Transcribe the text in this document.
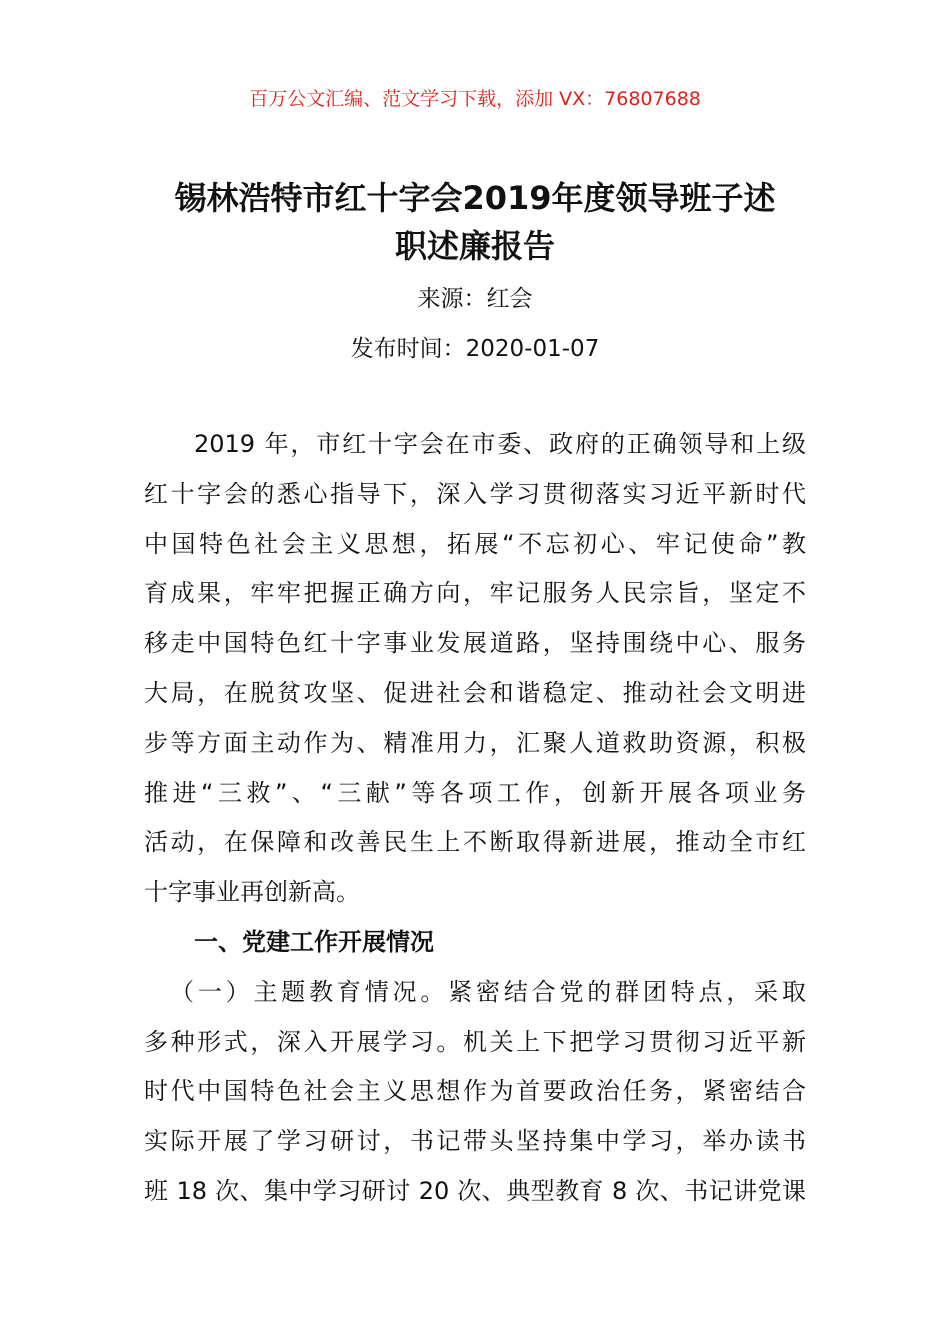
百万公文汇编、范文学习下载，添加 VX：76807688
锡林浩特市红十字会2019年度领导班子述
职述廉报告
来源：红会
发布时间：2020-01-07
2019 年，市红十字会在市委、政府的正确领导和上级
红十字会的悉心指导下，深入学习贯彻落实习近平新时代
中国特色社会主义思想，拓展“不忘初心、牢记使命”教
育成果，牢牢把握正确方向，牢记服务人民宗旨，坚定不
移走中国特色红十字事业发展道路，坚持围绕中心、服务
大局，在脱贫攻坚、促进社会和谐稳定、推动社会文明进
步等方面主动作为、精准用力，汇聚人道救助资源，积极
推进“三救”、“三献”等各项工作，创新开展各项业务
活动，在保障和改善民生上不断取得新进展，推动全市红
十字事业再创新高。
一、党建工作开展情况
（一）主题教育情况。紧密结合党的群团特点，采取
多种形式，深入开展学习。机关上下把学习贯彻习近平新
时代中国特色社会主义思想作为首要政治任务，紧密结合
实际开展了学习研讨，书记带头坚持集中学习，举办读书
班 18 次、集中学习研讨 20 次、典型教育 8 次、书记讲党课
